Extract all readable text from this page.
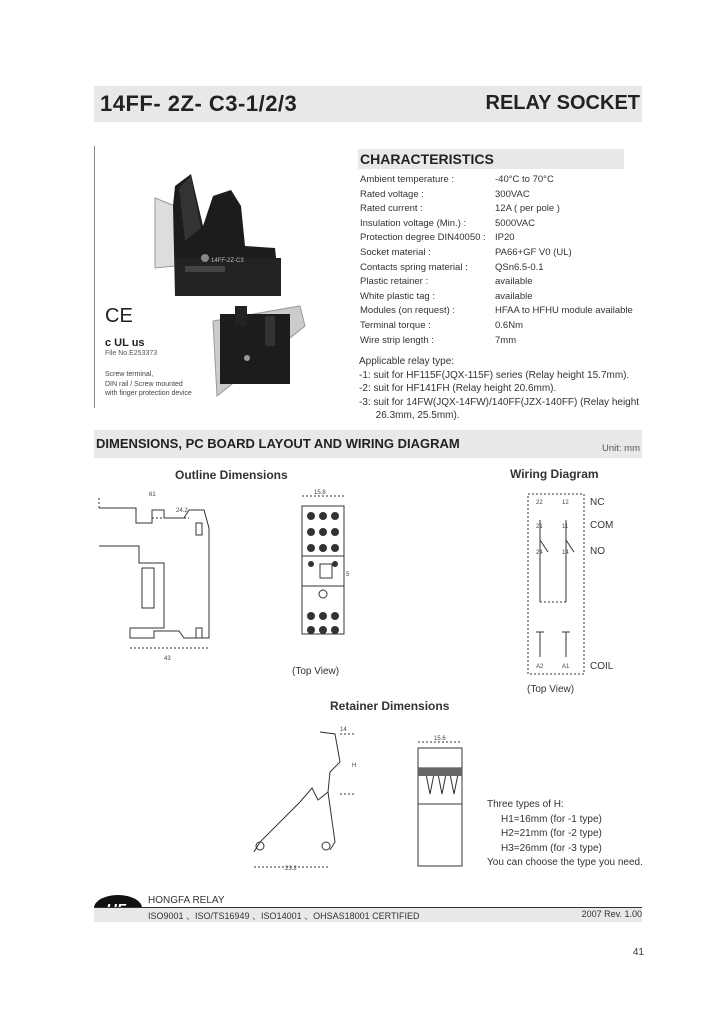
14FF- 2Z- C3-1/2/3	RELAY SOCKET
14FF-2Z-C3
CE
c UL us
File No.E253373
Screw terminal,
DIN rail / Screw mounted
with finger protection device
CHARACTERISTICS
Ambient temperature :	-40°C to 70°C
Rated voltage :	300VAC
Rated current :	12A ( per pole )
Insulation voltage (Min.) :	5000VAC
Protection degree DIN40050 : IP20
Socket material :	PA66+GF V0 (UL)
Contacts spring material :	QSn6.5-0.1
Plastic retainer :	available
White plastic tag :	available
Modules (on request) :	HFAA to HFHU module available
Terminal torque :	0.6Nm
Wire strip length :	7mm
Applicable relay type:
-1: suit for HF115F(JQX-115F) series (Relay height 15.7mm).
-2: suit for HF141FH (Relay height 20.6mm).
-3: suit for 14FW(JQX-14FW)/140FF(JZX-140FF) (Relay height
26.3mm, 25.5mm).
DIMENSIONS, PC BOARD LAYOUT AND WIRING DIAGRAM	Unit: mm
Outline Dimensions	Wiring Diagram
61
24.2
43
15.8
5
(Top View)
22	12
21	11
24	14
A2	A1
NC
COM
NO
COIL
(Top View)
Retainer Dimensions
14
H
23.2
15.6
Three types of H:
H1=16mm (for -1 type)
H2=21mm (for -2 type)
H3=26mm (for -3 type)
You can choose the type you need.
HONGFA RELAY
ISO9001 、ISO/TS16949 、ISO14001 、OHSAS18001 CERTIFIED	2007 Rev. 1.00
41
